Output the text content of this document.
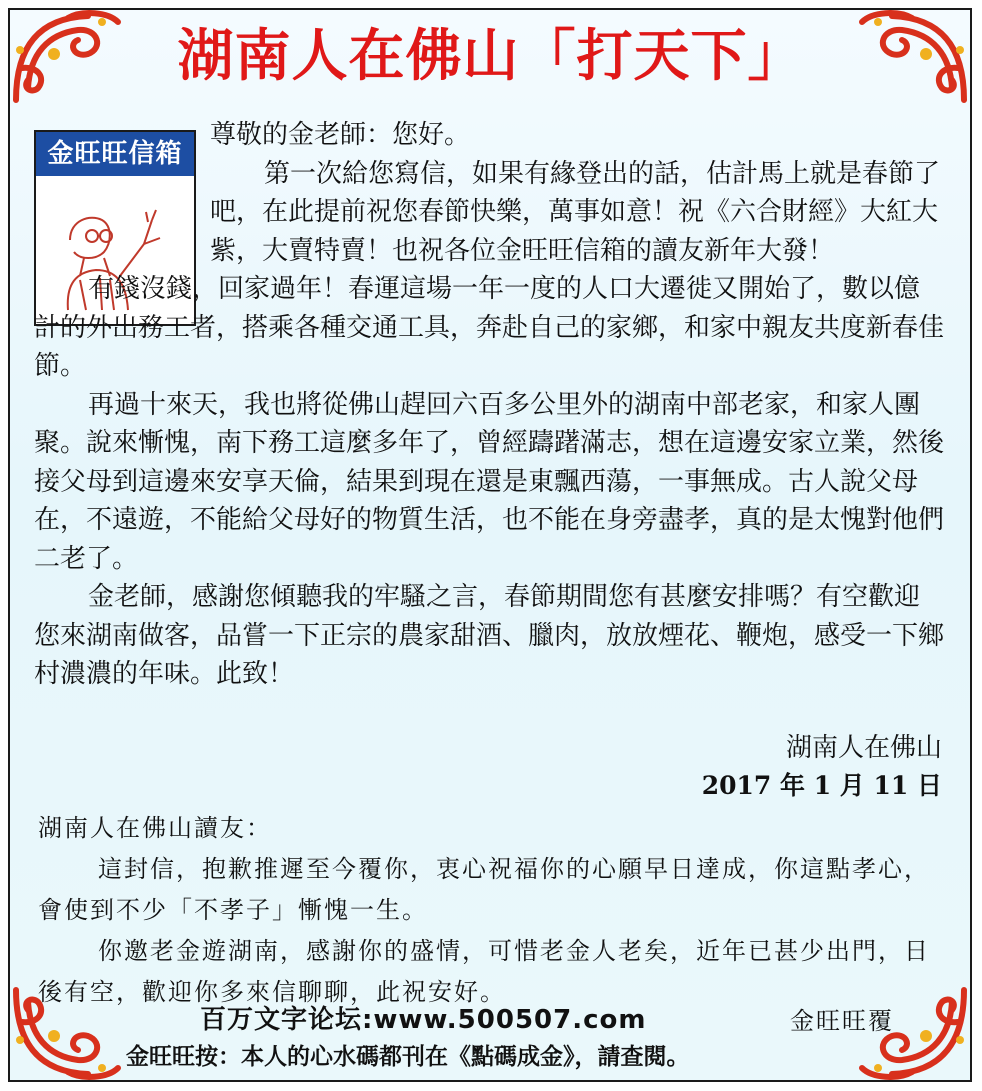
湖南人在佛山「打天下」
金旺旺信箱

尊敬的金老師：您好。

第一次給您寫信，如果有緣登出的話，估計馬上就是春節了吧，在此提前祝您春節快樂，萬事如意！祝《六合財經》大紅大紫，大賣特賣！也祝各位金旺旺信箱的讀友新年大發！

有錢沒錢，回家過年！春運這場一年一度的人口大遷徙又開始了，數以億計的外出務工者，搭乘各種交通工具，奔赴自己的家鄉，和家中親友共度新春佳節。

再過十來天，我也將從佛山趕回六百多公里外的湖南中部老家，和家人團聚。說來慚愧，南下務工這麼多年了，曾經躊躇滿志，想在這邊安家立業，然後接父母到這邊來安享天倫，結果到現在還是東飄西蕩，一事無成。古人說父母在，不遠遊，不能給父母好的物質生活，也不能在身旁盡孝，真的是太愧對他們二老了。

金老師，感謝您傾聽我的牢騷之言，春節期間您有甚麼安排嗎？有空歡迎您來湖南做客，品嘗一下正宗的農家甜酒、臘肉，放放煙花、鞭炮，感受一下鄉村濃濃的年味。此致！

湖南人在佛山
2017 年 1 月 11 日

湖南人在佛山讀友：

這封信，抱歉推遲至今覆你，衷心祝福你的心願早日達成，你這點孝心，會使到不少「不孝子」慚愧一生。

你邀老金遊湖南，感謝你的盛情，可惜老金人老矣，近年已甚少出門，日後有空，歡迎你多來信聊聊，此祝安好。

百万文字论坛:www.500507.com	金旺旺覆
金旺旺按：本人的心水碼都刊在《點碼成金》，請查閱。
